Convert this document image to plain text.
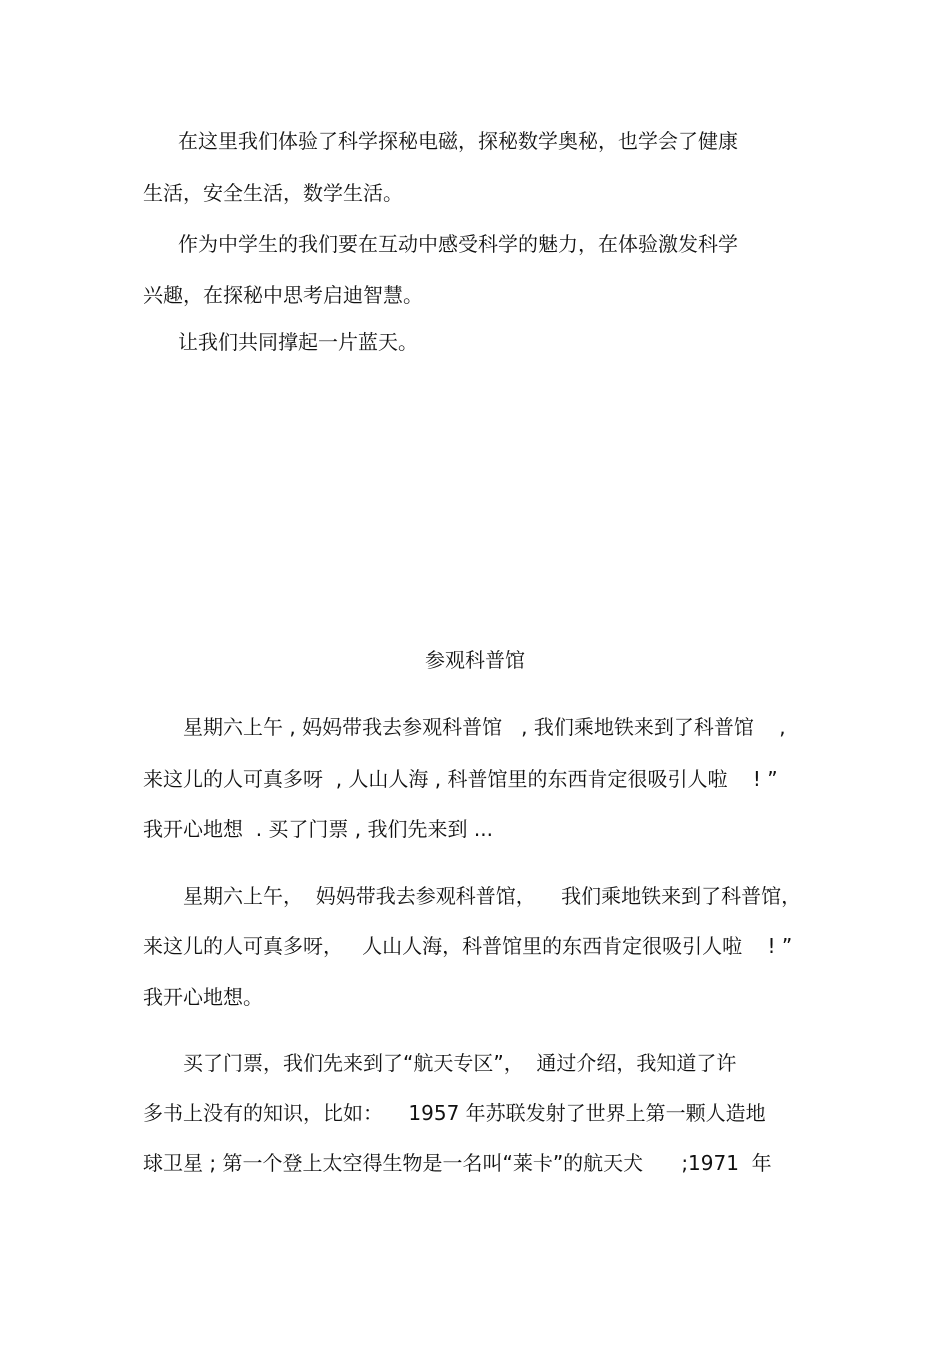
在这里我们体验了科学探秘电磁，探秘数学奥秘，也学会了健康

生活，安全生活，数学生活。

作为中学生的我们要在互动中感受科学的魅力，在体验激发科学

兴趣，在探秘中思考启迪智慧。

让我们共同撑起一片蓝天。

参观科普馆

星期六上午 , 妈妈带我去参观科普馆   , 我们乘地铁来到了科普馆    ,

来这儿的人可真多呀  , 人山人海 , 科普馆里的东西肯定很吸引人啦    ! ”

我开心地想  . 买了门票 , 我们先来到 ...

星期六上午，  妈妈带我去参观科普馆，    我们乘地铁来到了科普馆，

来这儿的人可真多呀，   人山人海，科普馆里的东西肯定很吸引人啦    ! ”

我开心地想。

买了门票，我们先来到了“航天专区”，  通过介绍，我知道了许

多书上没有的知识，比如：    1957 年苏联发射了世界上第一颗人造地

球卫星 ; 第一个登上太空得生物是一名叫“莱卡”的航天犬      ;1971  年
